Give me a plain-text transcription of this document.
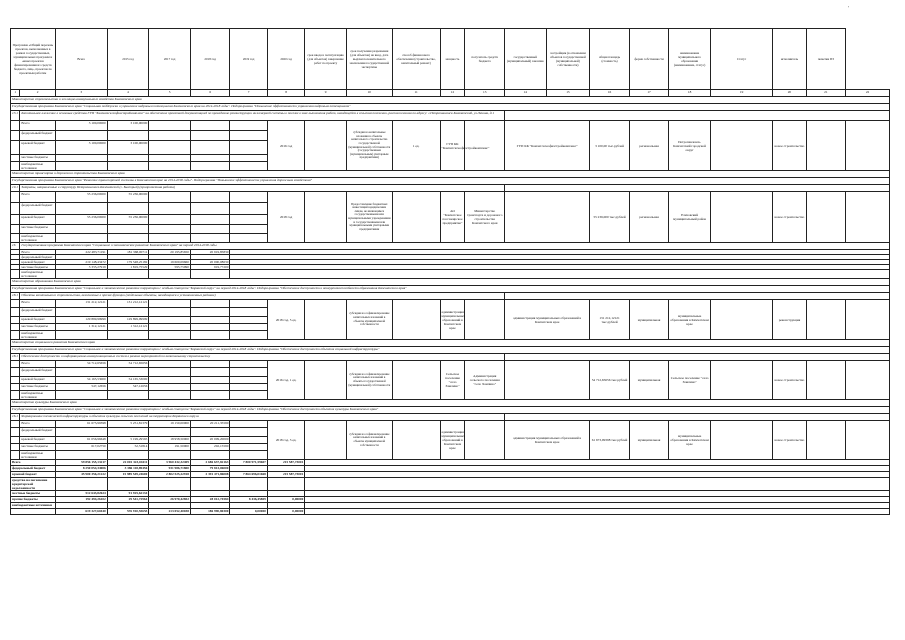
'
Программа «Общий перечень проектов, выполненных в рамках государственных, муниципальных программ и «иных проектов финансирования из средств бюджета, лиц», проектов по проектным работам		Всего	2015 год	2017 год	2018 год	2019 год	2020 год	срок ввода в эксплуатацию (для объектов) завершение работ по проекту	срок получения разрешения (для объектов) на ввод, дата выдачи положительного заключения государственной экспертизы	способ финансового обеспечения (строительство, капитальный ремонт)	мощность	получатель средств бюджета	государственный (муниципальный) заказчик	застройщик (в отношении объектов государственной (муниципальной) собственности)	общая площадь (стоимость)	форма собственности	наименование муниципального образования (наименование, статус)	Статус	исполнитель	пометки ПЗ	
1	2	3	4	5	6	7	8	9	10	11	12	13	14	15	16	17	18	19	20	21	22
Министерство строительства и жилищно-коммунального хозяйства Камчатского края																					
Государственная программа Камчатского края "Социальная поддержка и управление кадровым потенциалом Камчатского края на 2014-2018 годы". Подпрограмма "Повышение эффективности управления кадровым потенциалом"																					
13.1	Капитальное вложение в основные средства ГУП "Камчатскгеофизстройкомплекс" на обеспечение проектной документацией по проведению реконструкции инженерной системы в поселке в зоне выполнения работ, находящейся в сельском поселении, расположенном по адресу: г.Петропавловск-Камчатский, ул.Ленина, д.1																				
	Всего	3 100,00000	3 100,00000				2016 год		субсидия на капитальные вложения в объекты капитального строительства государственной (муниципальной) собственности (государственным (муниципальным) унитарным предприятиям)	1 ед.	ГУП КК "Камчатскгеофизстройкомплекс"		ГУП КК "Камчатскгеофизстройкомплекс"		3 100,00 тыс.рублей	региональная	Петропавловск-Камчатский городской округ		новое строительство		
	федеральный бюджет																				
	краевой бюджет	3 100,00000	3 100,00000																		
	местные бюджеты																				
	внебюджетные источники																				
Министерство транспорта и дорожного строительства Камчатского края																					
Государственная программа Камчатского края "Развитие транспортной системы в Камчатском крае на 2014-2018 годы". Подпрограмма "Повышение эффективности управления дорожным хозяйством"																					
19.1	Затраты, направленные в структуру Петропавловск-Камчатский (г. Быстрый) (приоритетная работа)																				
	Всего	55 236,00000	55 236,00000				2018 год		Предоставление бюджетных инвестиций юридическим лицам, не являющимся государственными или муниципальными учреждениями и государственными или муниципальными унитарными предприятиями		АО "Камчатское пассажирское предприятие"	Министерство транспорта и дорожного строительства Камчатского края			55 236,000 тыс.рублей	региональная	Елизовский муниципальный район		новое строительство		
	федеральный бюджет																				
	краевой бюджет	55 236,00000	55 236,00000																		
	местные бюджеты																				
	внебюджетные источники																				
16	Государственная программа Камчатского края "Социальное и экономическое развитие Камчатского края" на период 2014-2018 годы																				
	Всего	222 483,71191	181 368,00711	20 195,85650	20 919,85830																
	федеральный бюджет																				
	краевой бюджет	219 148,43472	179 548,25182	19 600,09660	20 000,08630																
	местные бюджеты	3 335,27919	1 819,75529	595,75990	919,77200																
	внебюджетные источники																				
Министерство образования Камчатского края																					
Государственная программа Камчатского края "Социальное и экономическое развитие территории с особым статусом "Корякский округ" на период 2014-2018 годы". Подпрограмма "Обеспечение доступности и конкурентоспособности образования Камчатского края"																					
18.1	Объекты капитального строительства, включенные в прочие функции (отдельные объекты, находящиеся в установленных районах)																				
	Всего	131 212,12121	131 212,12121				2018 год, 5 ед.		субсидия на софинансирование капитальных вложений в объекты муниципальной собственности		администрация муниципальных образований в Камчатском крае		администрация муниципальных образований в Камчатском крае		131 212,12121 тыс.рублей	муниципальная	муниципальные образования в Камчатском крае		реконструкция		
	федеральный бюджет																				
	краевой бюджет	129 899,99999	129 899,99999																		
	местные бюджеты	1 312,12121	1 312,12121																		
	внебюджетные источники																				
Министерство социального развития Камчатского края																					
Государственная программа Камчатского края "Социальное и экономическое развитие территории с особым статусом "Корякский округ" на период 2014-2018 годы". Подпрограмма "Обеспечение доступности объектов социальной инфраструктуры"																					
18.1	Обеспечение доступности и информационно-коммуникационных систем в рамках мероприятий по капитальному строительству																				
	Всего	54 712,65656	54 712,65656				2016 год, 1 ед.		субсидия на софинансирование капитальных вложений в объекты государственной (муниципальной) собственности		Сельское поселение "село Хаилино"	Администрация сельского поселения "село Хаилино"			54 712,65656 тыс.рублей	муниципальная	Сельское поселение "село Хаилино"		новое строительство		
	федеральный бюджет																				
	краевой бюджет	54 165,53000	54 165,53000																		
	местные бюджеты	547,12656	547,12656																		
	внебюджетные источники																				
Министерство культуры Камчатского края																					
Государственная программа Камчатского края "Социальное и экономическое развитие территории с особым статусом "Корякский округ" на период 2014-2018 годы". Подпрограмма "Обеспечение доступности объектов культуры Камчатского края"																					
16.1	Формирование технической инфраструктуры и объектов культуры сельских поселений на территории Корякского округа																				
	Всего	61 673,99398	5 251,81379	19 150,00000	20 211,35590		2018 год, 3 ед.		субсидия на софинансирование капитальных вложений в объекты муниципальной собственности		администрация муниципальных образований в Камчатском крае		администрация муниципальных образований в Камчатском крае		61 673,99398 тыс.рублей	муниципальная	муниципальные образования в Камчатском крае		новое строительство		
	федеральный бюджет																				
	краевой бюджет	61 056,96648	5 199,29565	18 958,50000	20 009,20000																
	местные бюджеты	617,02750	52,51814	191,50000	202,15590																
	внебюджетные источники																				
Всего		59 856 155,13217	22 001 323,04411	3 960 432,32409	2 686 637,82163	7 800 971,59607	215 587,73001														
федеральный бюджет		8 250 054,34006	3 386 118,89456	931 986,71800	79 813,06000																
краевой бюджет		45 900 356,21222	15 989 549,24600	2 802 525,22918	2 391 471,86008	7 864 696,01668	215 587,73001														
средства на погашение кредиторской задолженности																					
местные бюджеты		512 643,82624	91 925,62134																		
прочие бюджеты		192 494,26102	29 541,72964	26 970,42852	28 012,74584	8 436,45809	0,00000														
внебюджетные источники																					
		619 327,60440	576 910,55655	213 052,40038	186 990,80300	0,00000	0,00000														
